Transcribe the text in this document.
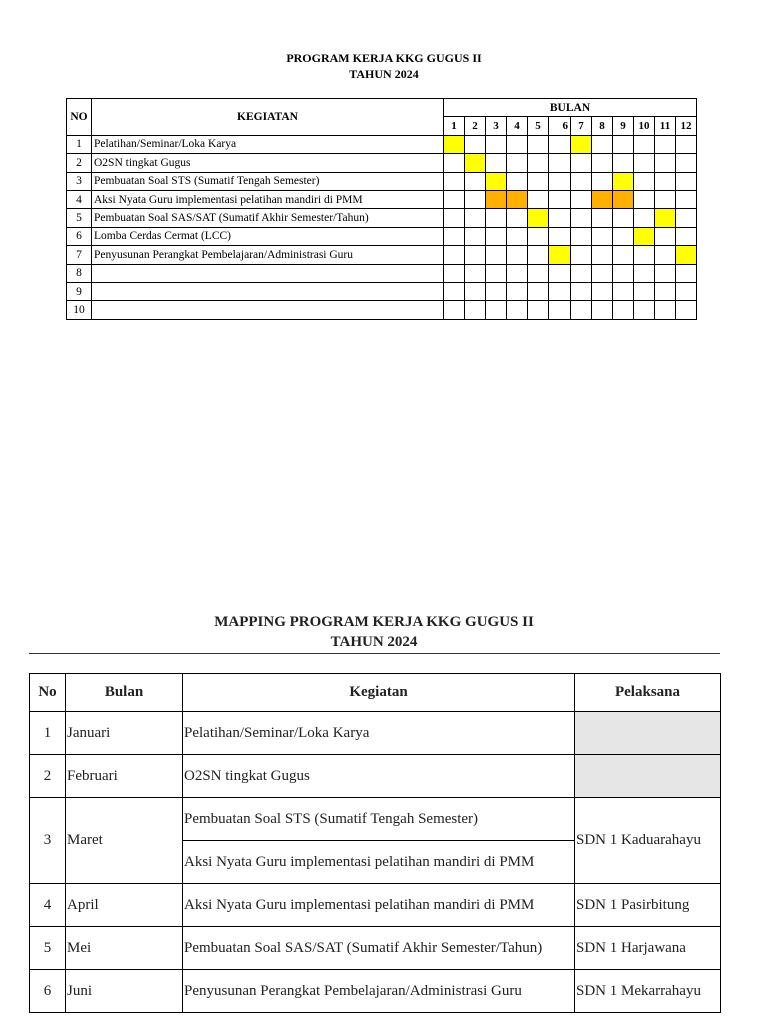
PROGRAM KERJA KKG GUGUS II
TAHUN 2024
NO	KEGIATAN	BULAN											
		1	2	3	4	5	6	7	8	9	10	11	12
1	Pelatihan/Seminar/Loka Karya												
2	O2SN tingkat Gugus												
3	Pembuatan Soal STS (Sumatif Tengah Semester)												
4	Aksi Nyata Guru implementasi pelatihan mandiri di PMM												
5	Pembuatan Soal SAS/SAT (Sumatif Akhir Semester/Tahun)												
6	Lomba Cerdas Cermat (LCC)												
7	Penyusunan Perangkat Pembelajaran/Administrasi Guru												
8													
9													
10													
MAPPING PROGRAM KERJA KKG GUGUS II
TAHUN 2024
No	Bulan	Kegiatan	Pelaksana
1	Januari	Pelatihan/Seminar/Loka Karya	
2	Februari	O2SN tingkat Gugus	
3	Maret	Pembuatan Soal STS (Sumatif Tengah Semester)	SDN 1 Kaduarahayu
		Aksi Nyata Guru implementasi pelatihan mandiri di PMM	
4	April	Aksi Nyata Guru implementasi pelatihan mandiri di PMM	SDN 1 Pasirbitung
5	Mei	Pembuatan Soal SAS/SAT (Sumatif Akhir Semester/Tahun)	SDN 1 Harjawana
6	Juni	Penyusunan Perangkat Pembelajaran/Administrasi Guru	SDN 1 Mekarrahayu
